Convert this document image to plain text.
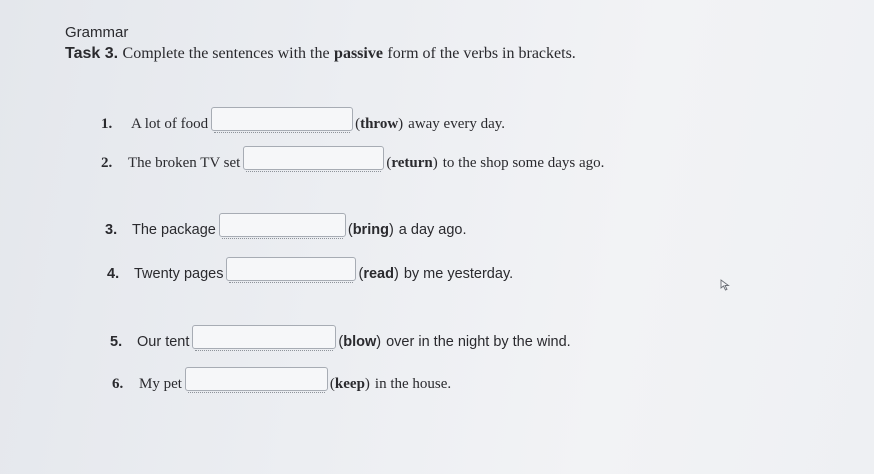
Grammar
Task 3. Complete the sentences with the passive form of the verbs in brackets.
1.	A lot of food	(throw) away every day.
2.	The broken TV set	(return) to the shop some days ago.
3.	The package	(bring) a day ago.
4.	Twenty pages	(read) by me yesterday.
5.	Our tent	(blow) over in the night by the wind.
6.	My pet	(keep) in the house.
